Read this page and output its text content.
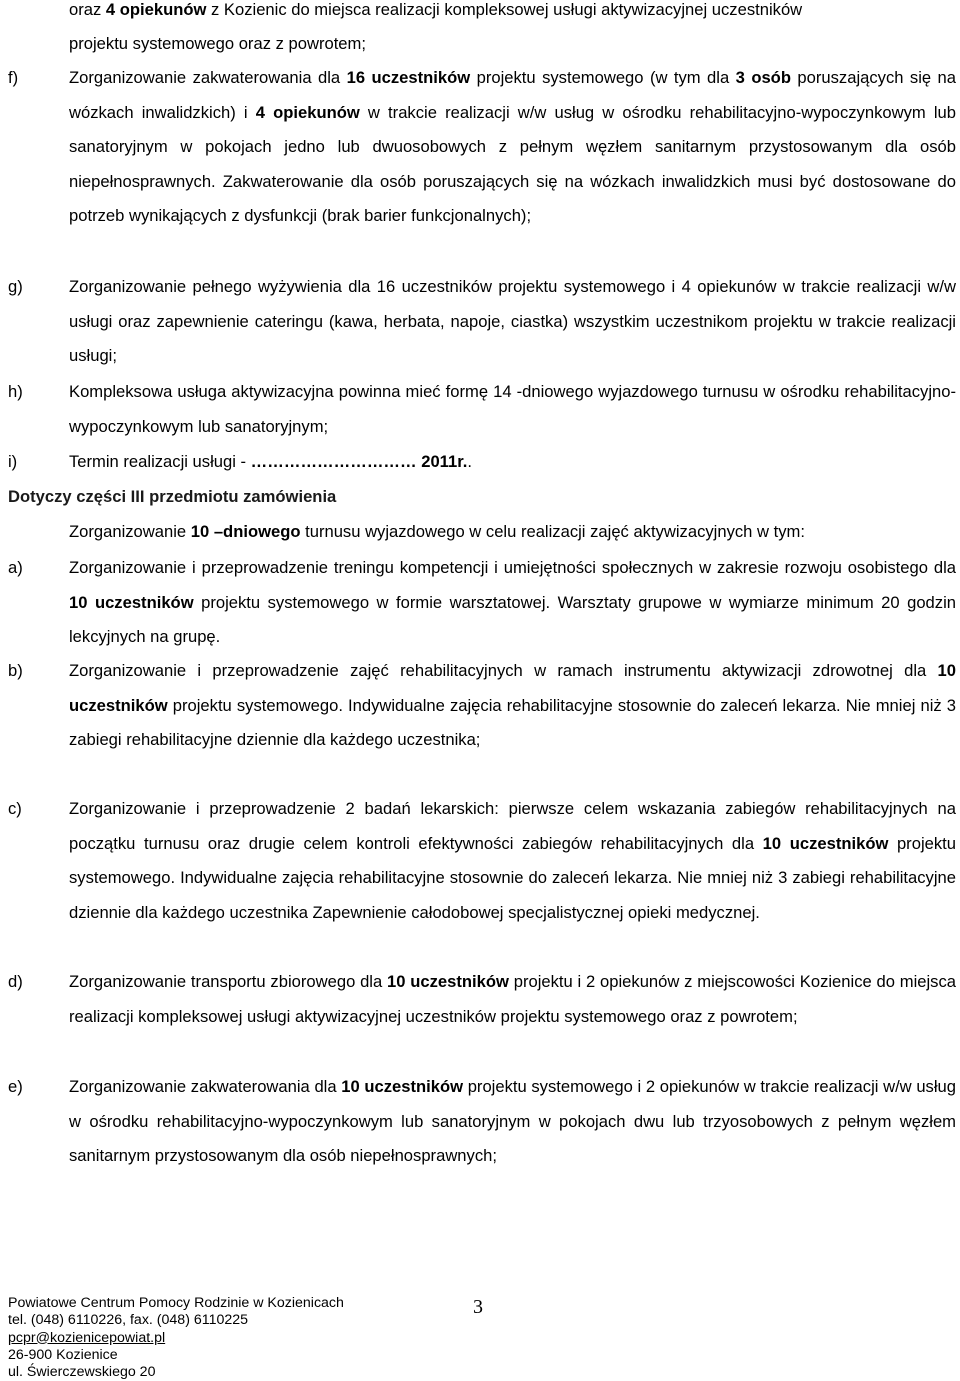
oraz 4 opiekunów z Kozienic do miejsca realizacji kompleksowej usługi aktywizacyjnej uczestników
projektu systemowego oraz z powrotem;
f)	Zorganizowanie zakwaterowania dla 16 uczestników projektu systemowego (w tym dla 3 osób poruszających się na wózkach inwalidzkich) i 4 opiekunów w trakcie realizacji w/w usług w ośrodku rehabilitacyjno-wypoczynkowym lub sanatoryjnym w pokojach jedno lub dwuosobowych z pełnym węzłem sanitarnym przystosowanym dla osób niepełnosprawnych. Zakwaterowanie dla osób poruszających się na wózkach inwalidzkich musi być dostosowane do potrzeb wynikających z dysfunkcji (brak barier funkcjonalnych);
g)	Zorganizowanie pełnego wyżywienia dla 16 uczestników projektu systemowego i 4 opiekunów w trakcie realizacji w/w usługi oraz zapewnienie cateringu (kawa, herbata, napoje, ciastka) wszystkim uczestnikom projektu w trakcie realizacji usługi;
h)	Kompleksowa usługa aktywizacyjna powinna mieć formę 14 -dniowego wyjazdowego turnusu w ośrodku rehabilitacyjno-wypoczynkowym lub sanatoryjnym;
i)	Termin realizacji usługi - ………………………… 2011r..
Dotyczy części III przedmiotu zamówienia
Zorganizowanie 10 –dniowego turnusu wyjazdowego w celu realizacji zajęć aktywizacyjnych w tym:
a)	Zorganizowanie i przeprowadzenie treningu kompetencji i umiejętności społecznych w zakresie rozwoju osobistego dla 10 uczestników projektu systemowego w formie warsztatowej. Warsztaty grupowe w wymiarze minimum 20 godzin lekcyjnych na grupę.
b)	Zorganizowanie i przeprowadzenie zajęć rehabilitacyjnych w ramach instrumentu aktywizacji zdrowotnej dla 10 uczestników projektu systemowego. Indywidualne zajęcia rehabilitacyjne stosownie do zaleceń lekarza. Nie mniej niż 3 zabiegi rehabilitacyjne dziennie dla każdego uczestnika;
c)	Zorganizowanie i przeprowadzenie 2 badań lekarskich: pierwsze celem wskazania zabiegów rehabilitacyjnych na początku turnusu oraz drugie celem kontroli efektywności zabiegów rehabilitacyjnych dla 10 uczestników projektu systemowego. Indywidualne zajęcia rehabilitacyjne stosownie do zaleceń lekarza. Nie mniej niż 3 zabiegi rehabilitacyjne dziennie dla każdego uczestnika Zapewnienie całodobowej specjalistycznej opieki medycznej.
d)	Zorganizowanie transportu zbiorowego dla 10 uczestników projektu i 2 opiekunów z miejscowości Kozienice do miejsca realizacji kompleksowej usługi aktywizacyjnej uczestników projektu systemowego oraz z powrotem;
e)	Zorganizowanie zakwaterowania dla 10 uczestników projektu systemowego i 2 opiekunów w trakcie realizacji w/w usług w ośrodku rehabilitacyjno-wypoczynkowym lub sanatoryjnym w pokojach dwu lub trzyosobowych z pełnym węzłem sanitarnym przystosowanym dla osób niepełnosprawnych;
Powiatowe Centrum Pomocy Rodzinie w Kozienicach
tel. (048) 6110226, fax. (048) 6110225
pcpr@kozienicepowiat.pl
26-900 Kozienice
ul. Świerczewskiego 20
3
